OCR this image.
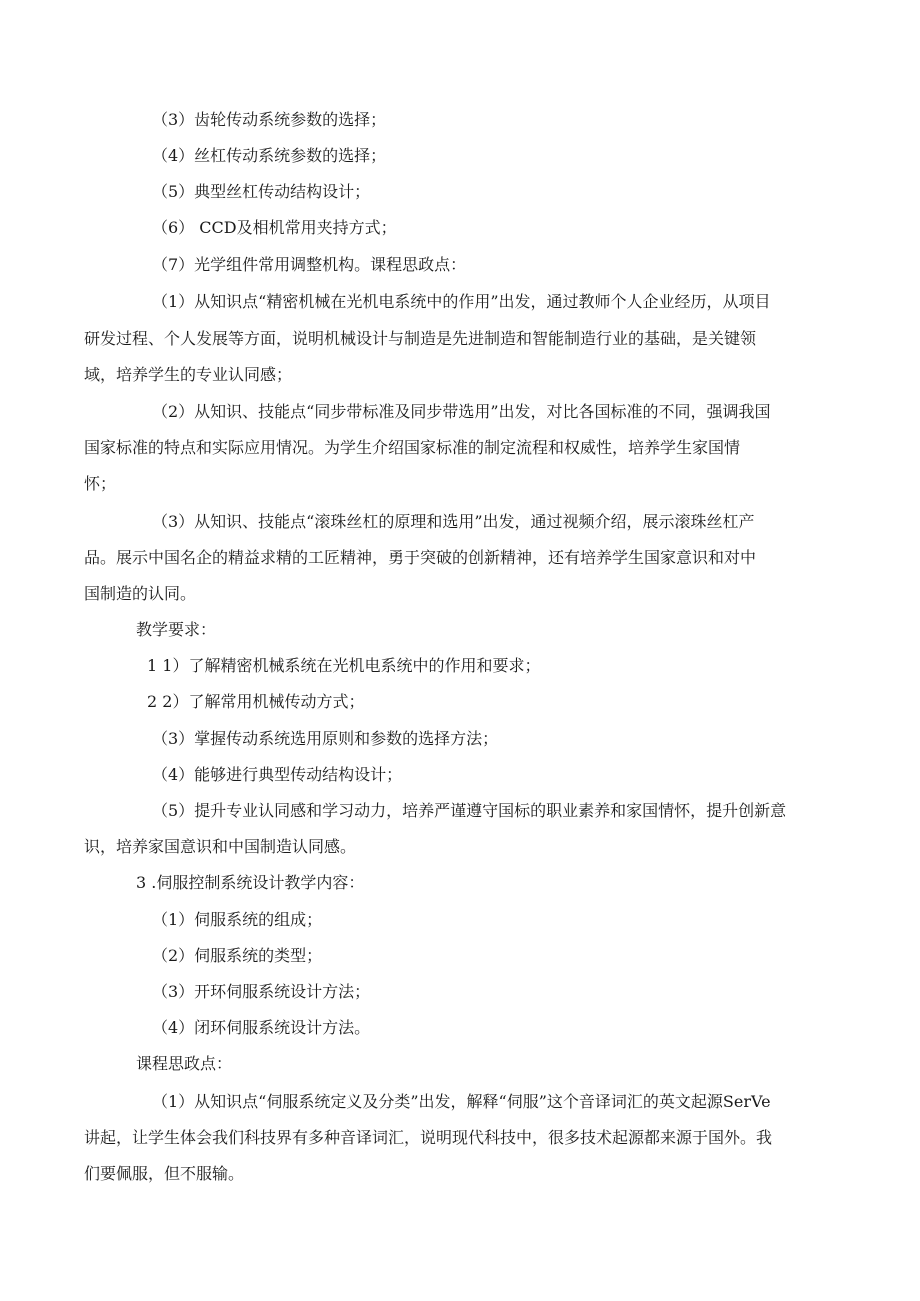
（3）齿轮传动系统参数的选择；
（4）丝杠传动系统参数的选择；
（5）典型丝杠传动结构设计；
（6） CCD及相机常用夹持方式；
（7）光学组件常用调整机构。课程思政点：
（1）从知识点“精密机械在光机电系统中的作用”出发，通过教师个人企业经历，从项目
研发过程、个人发展等方面，说明机械设计与制造是先进制造和智能制造行业的基础，是关键领
域，培养学生的专业认同感；
（2）从知识、技能点“同步带标准及同步带选用”出发，对比各国标准的不同，强调我国
国家标准的特点和实际应用情况。为学生介绍国家标准的制定流程和权威性，培养学生家国情
怀；
（3）从知识、技能点“滚珠丝杠的原理和选用”出发，通过视频介绍，展示滚珠丝杠产
品。展示中国名企的精益求精的工匠精神，勇于突破的创新精神，还有培养学生国家意识和对中
国制造的认同。
教学要求：
1 1）了解精密机械系统在光机电系统中的作用和要求；
2 2）了解常用机械传动方式；
（3）掌握传动系统选用原则和参数的选择方法；
（4）能够进行典型传动结构设计；
（5）提升专业认同感和学习动力，培养严谨遵守国标的职业素养和家国情怀，提升创新意
识，培养家国意识和中国制造认同感。
3 .伺服控制系统设计教学内容：
（1）伺服系统的组成；
（2）伺服系统的类型；
（3）开环伺服系统设计方法；
（4）闭环伺服系统设计方法。
课程思政点：
（1）从知识点“伺服系统定义及分类”出发，解释“伺服”这个音译词汇的英文起源SerVe
讲起，让学生体会我们科技界有多种音译词汇，说明现代科技中，很多技术起源都来源于国外。我
们要佩服，但不服输。
